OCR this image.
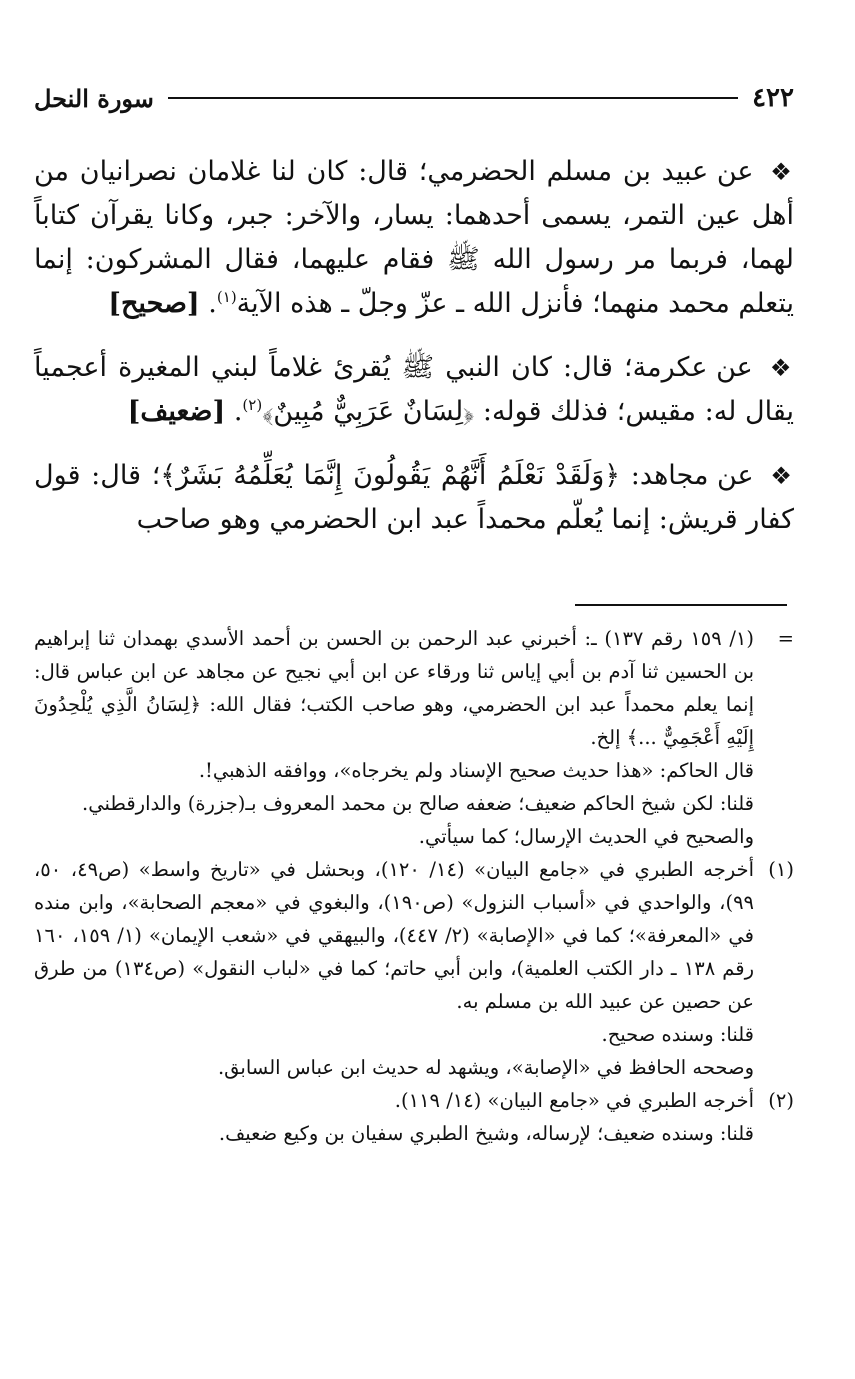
٤٢٢
سورة النحل

❖ عن عبيد بن مسلم الحضرمي؛ قال: كان لنا غلامان نصرانيان من أهل عين التمر، يسمى أحدهما: يسار، والآخر: جبر، وكانا يقرآن كتاباً لهما، فربما مر رسول الله ﷺ فقام عليهما، فقال المشركون: إنما يتعلم محمد منهما؛ فأنزل الله ـ عزّ وجلّ ـ هذه الآية$^{(١)}$. [صحيح]

❖ عن عكرمة؛ قال: كان النبي ﷺ يُقرئ غلاماً لبني المغيرة أعجمياً يقال له: مقيس؛ فذلك قوله: ﴿لِسَانٌ عَرَبِيٌّ مُبِينٌ﴾$^{(٢)}$. [ضعيف]

❖ عن مجاهد: ﴿وَلَقَدْ نَعْلَمُ أَنَّهُمْ يَقُولُونَ إِنَّمَا يُعَلِّمُهُ بَشَرٌ﴾؛ قال: قول كفار قريش: إنما يُعلّم محمداً عبد ابن الحضرمي وهو صاحب

=

(١/ ١٥٩ رقم ١٣٧) ـ: أخبرني عبد الرحمن بن الحسن بن أحمد الأسدي بهمدان ثنا إبراهيم بن الحسين ثنا آدم بن أبي إياس ثنا ورقاء عن ابن أبي نجيح عن مجاهد عن ابن عباس قال: إنما يعلم محمداً عبد ابن الحضرمي، وهو صاحب الكتب؛ فقال الله: ﴿لِسَانُ الَّذِي يُلْحِدُونَ إِلَيْهِ أَعْجَمِيٌّ ...﴾ إلخ.

قال الحاكم: «هذا حديث صحيح الإسناد ولم يخرجاه»، ووافقه الذهبي!.

قلنا: لكن شيخ الحاكم ضعيف؛ ضعفه صالح بن محمد المعروف بـ(جزرة) والدارقطني.

والصحيح في الحديث الإرسال؛ كما سيأتي.

(١)

أخرجه الطبري في «جامع البيان» (١٤/ ١٢٠)، وبحشل في «تاريخ واسط» (ص٤٩، ٥٠، ٩٩)، والواحدي في «أسباب النزول» (ص١٩٠)، والبغوي في «معجم الصحابة»، وابن منده في «المعرفة»؛ كما في «الإصابة» (٢/ ٤٤٧)، والبيهقي في «شعب الإيمان» (١/ ١٥٩، ١٦٠ رقم ١٣٨ ـ دار الكتب العلمية)، وابن أبي حاتم؛ كما في «لباب النقول» (ص١٣٤) من طرق عن حصين عن عبيد الله بن مسلم به.

قلنا: وسنده صحيح.

وصححه الحافظ في «الإصابة»، ويشهد له حديث ابن عباس السابق.

(٢)

أخرجه الطبري في «جامع البيان» (١٤/ ١١٩).

قلنا: وسنده ضعيف؛ لإرساله، وشيخ الطبري سفيان بن وكيع ضعيف.
